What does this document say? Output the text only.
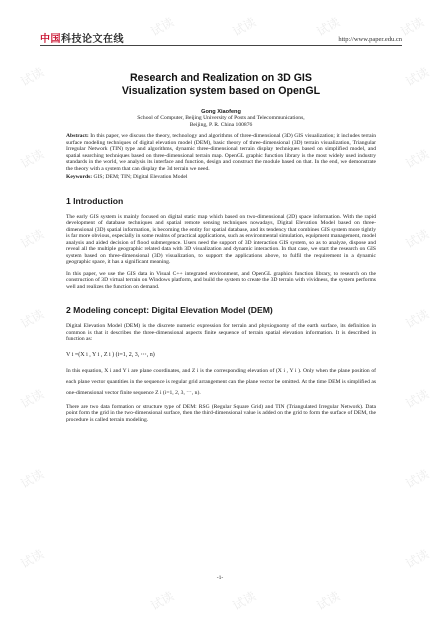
中国 科技论文在线	http://www.paper.edu.cn
试读	试读	试读	试读
试读	试读
试读	试读
试读	试读
试读	试读
试读	试读
试读	试读
试读	试读
试读	试读	试读
Research and Realization on 3D GIS
Visualization system based on OpenGL
Gong Xiaofeng
School of Computer, Beijing University of Posts and Telecommunications,
Beijing, P. R. China 100876
Abstract: In this paper, we discuss the theory, technology and algorithms of three-dimensional (3D) GIS visualization; it includes terrain surface modeling techniques of digital elevation model (DEM), basic theory of three-dimensional (3D) terrain visualization, Triangular Irregular Network (TIN) type and algorithms, dynamic three-dimensional terrain display techniques based on simplified model, and spatial searching techniques based on three-dimensional terrain map. OpenGL graphic function library is the most widely used industry standards in the world, we analysis its interface and function, design and construct the module based on that. In the end, we demonstrate the theory with a system that can display the 3d terrain we need.
Keywords: GIS; DEM; TIN; Digital Elevation Model
1 Introduction

The early GIS system is mainly focused on digital static map which based on two-dimensional (2D) space information. With the rapid development of database techniques and spatial remote sensing techniques nowadays, Digital Elevation Model based on three-dimensional (3D) spatial information, is becoming the entity for spatial database, and its tendency that combines GIS system more tightly is far more obvious, especially in some realms of practical applications, such as environmental simulation, equipment management, model analysis and aided decision of flood submergence. Users need the support of 3D interaction GIS system, so as to analyze, dispose and reveal all the multiple geographic related data with 3D visualization and dynamic interaction. In that case, we start the research on GIS system based on three-dimensional (3D) visualization, to support the applications above, to fulfil the requirement in a dynamic geographic space, it has a significant meaning.

In this paper, we use the GIS data in Visual C++ integrated environment, and OpenGL graphics function library, to research on the construction of 3D virtual terrain on Windows platform, and build the system to create the 3D terrain with vividness, the system performs well and realizes the function on demand.

2 Modeling concept: Digital Elevation Model (DEM)

Digital Elevation Model (DEM) is the discrete numeric expression for terrain and physiognomy of the earth surface, its definition in common is that it describes the three-dimensional aspects finite sequence of terrain spatial elevation information. It is described in function as:

V i =(X i , Y i , Z i ) (i=1, 2, 3, ⋯, n)

In this equation, X i and Y i are plane coordinates, and Z i is the corresponding elevation of (X i , Y i ). Only when the plane position of each plane vector quantities in the sequence is regular grid arrangement can the plane vector be omitted. At the time DEM is simplified as one-dimensional vector finite sequence Z i (i=1, 2, 3, ⋯, n).

There are two data formation or structure type of DEM: RSG (Regular Square Grid) and TIN (Triangulated Irregular Network). Data point form the grid in the two-dimensional surface, then the third-dimensional value is added on the grid to form the surface of DEM, the procedure is called terrain modeling.

-1-
